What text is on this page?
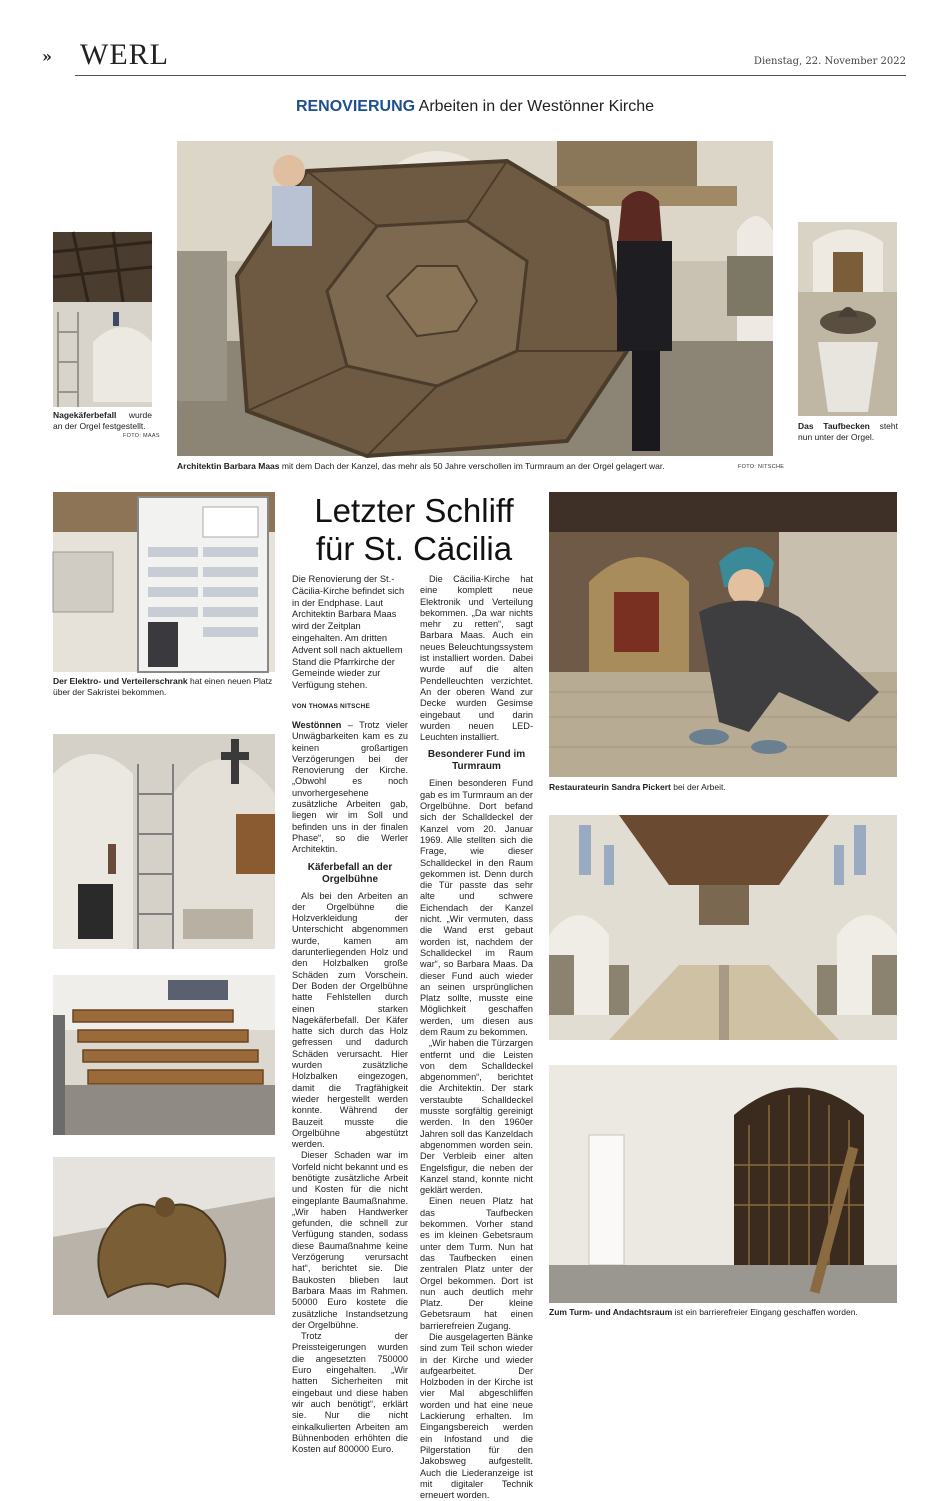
» WERL	Dienstag, 22. November 2022
RENOVIERUNG Arbeiten in der Westönner Kirche
Nagekäferbefall wurde an der Orgel festgestellt.
FOTO: MAAS
Architektin Barbara Maas mit dem Dach der Kanzel, das mehr als 50 Jahre verschollen im Turmraum an der Orgel gelagert war.	FOTO: NITSCHE
Das Taufbecken steht nun unter der Orgel.
Der Elektro- und Verteilerschrank hat einen neuen Platz über der Sakristei bekommen.
Letzter Schliff für St. Cäcilia

Die Renovierung der St.-Cäcilia-Kirche befindet sich in der Endphase. Laut Architektin Barbara Maas wird der Zeitplan eingehalten. Am dritten Advent soll nach aktuellem Stand die Pfarrkirche der Gemeinde wieder zur Verfügung stehen.

VON THOMAS NITSCHE

Westönnen – Trotz vieler Unwägbarkeiten kam es zu keinen großartigen Verzögerungen bei der Renovierung der Kirche. „Obwohl es noch unvorhergesehene zusätzliche Arbeiten gab, liegen wir im Soll und befinden uns in der finalen Phase“, so die Werler Architektin.

Käferbefall an der Orgelbühne

Als bei den Arbeiten an der Orgelbühne die Holzverkleidung der Unterschicht abgenommen wurde, kamen am darunterliegenden Holz und den Holzbalken große Schäden zum Vorschein. Der Boden der Orgelbühne hatte Fehlstellen durch einen starken Nagekäferbefall. Der Käfer hatte sich durch das Holz gefressen und dadurch Schäden verursacht. Hier wurden zusätzliche Holzbalken eingezogen, damit die Tragfähigkeit wieder hergestellt werden konnte. Während der Bauzeit musste die Orgelbühne abgestützt werden.

Dieser Schaden war im Vorfeld nicht bekannt und es benötigte zusätzliche Arbeit und Kosten für die nicht eingeplante Baumaßnahme. „Wir haben Handwerker gefunden, die schnell zur Verfügung standen, sodass diese Baumaßnahme keine Verzögerung verursacht hat“, berichtet sie. Die Baukosten blieben laut Barbara Maas im Rahmen. 50000 Euro kostete die zusätzliche Instandsetzung der Orgelbühne.

Trotz der Preissteigerungen wurden die angesetzten 750000 Euro eingehalten. „Wir hatten Sicherheiten mit eingebaut und diese haben wir auch benötigt“, erklärt sie. Nur die nicht einkalkulierten Arbeiten am Bühnenboden erhöhten die Kosten auf 800000 Euro.

Die Cäcilia-Kirche hat eine komplett neue Elektronik und Verteilung bekommen. „Da war nichts mehr zu retten“, sagt Barbara Maas. Auch ein neues Beleuchtungssystem ist installiert worden. Dabei wurde auf die alten Pendelleuchten verzichtet. An der oberen Wand zur Decke wurden Gesimse eingebaut und darin wurden neuen LED-Leuchten installiert.

Besonderer Fund im Turmraum

Einen besonderen Fund gab es im Turmraum an der Orgelbühne. Dort befand sich der Schalldeckel der Kanzel vom 20. Januar 1969. Alle stellten sich die Frage, wie dieser Schalldeckel in den Raum gekommen ist. Denn durch die Tür passte das sehr alte und schwere Eichendach der Kanzel nicht. „Wir vermuten, dass die Wand erst gebaut worden ist, nachdem der Schalldeckel im Raum war“, so Barbara Maas. Da dieser Fund auch wieder an seinen ursprünglichen Platz sollte, musste eine Möglichkeit geschaffen werden, um diesen aus dem Raum zu bekommen.

„Wir haben die Türzargen entfernt und die Leisten von dem Schalldeckel abgenommen“, berichtet die Architektin. Der stark verstaubte Schalldeckel musste sorgfältig gereinigt werden. In den 1960er Jahren soll das Kanzeldach abgenommen worden sein. Der Verbleib einer alten Engelsfigur, die neben der Kanzel stand, konnte nicht geklärt werden.

Einen neuen Platz hat das Taufbecken bekommen. Vorher stand es im kleinen Gebetsraum unter dem Turm. Nun hat das Taufbecken einen zentralen Platz unter der Orgel bekommen. Dort ist nun auch deutlich mehr Platz. Der kleine Gebetsraum hat einen barrierefreien Zugang.

Die ausgelagerten Bänke sind zum Teil schon wieder in der Kirche und wieder aufgearbeitet. Der Holzboden in der Kirche ist vier Mal abgeschliffen worden und hat eine neue Lackierung erhalten. Im Eingangsbereich werden ein Infostand und die Pilgerstation für den Jakobsweg aufgestellt. Auch die Liederanzeige ist mit digitaler Technik erneuert worden.

Restaurateurin Sandra Pickert bei der Arbeit.
Zum Turm- und Andachtsraum ist ein barrierefreier Eingang geschaffen worden.
